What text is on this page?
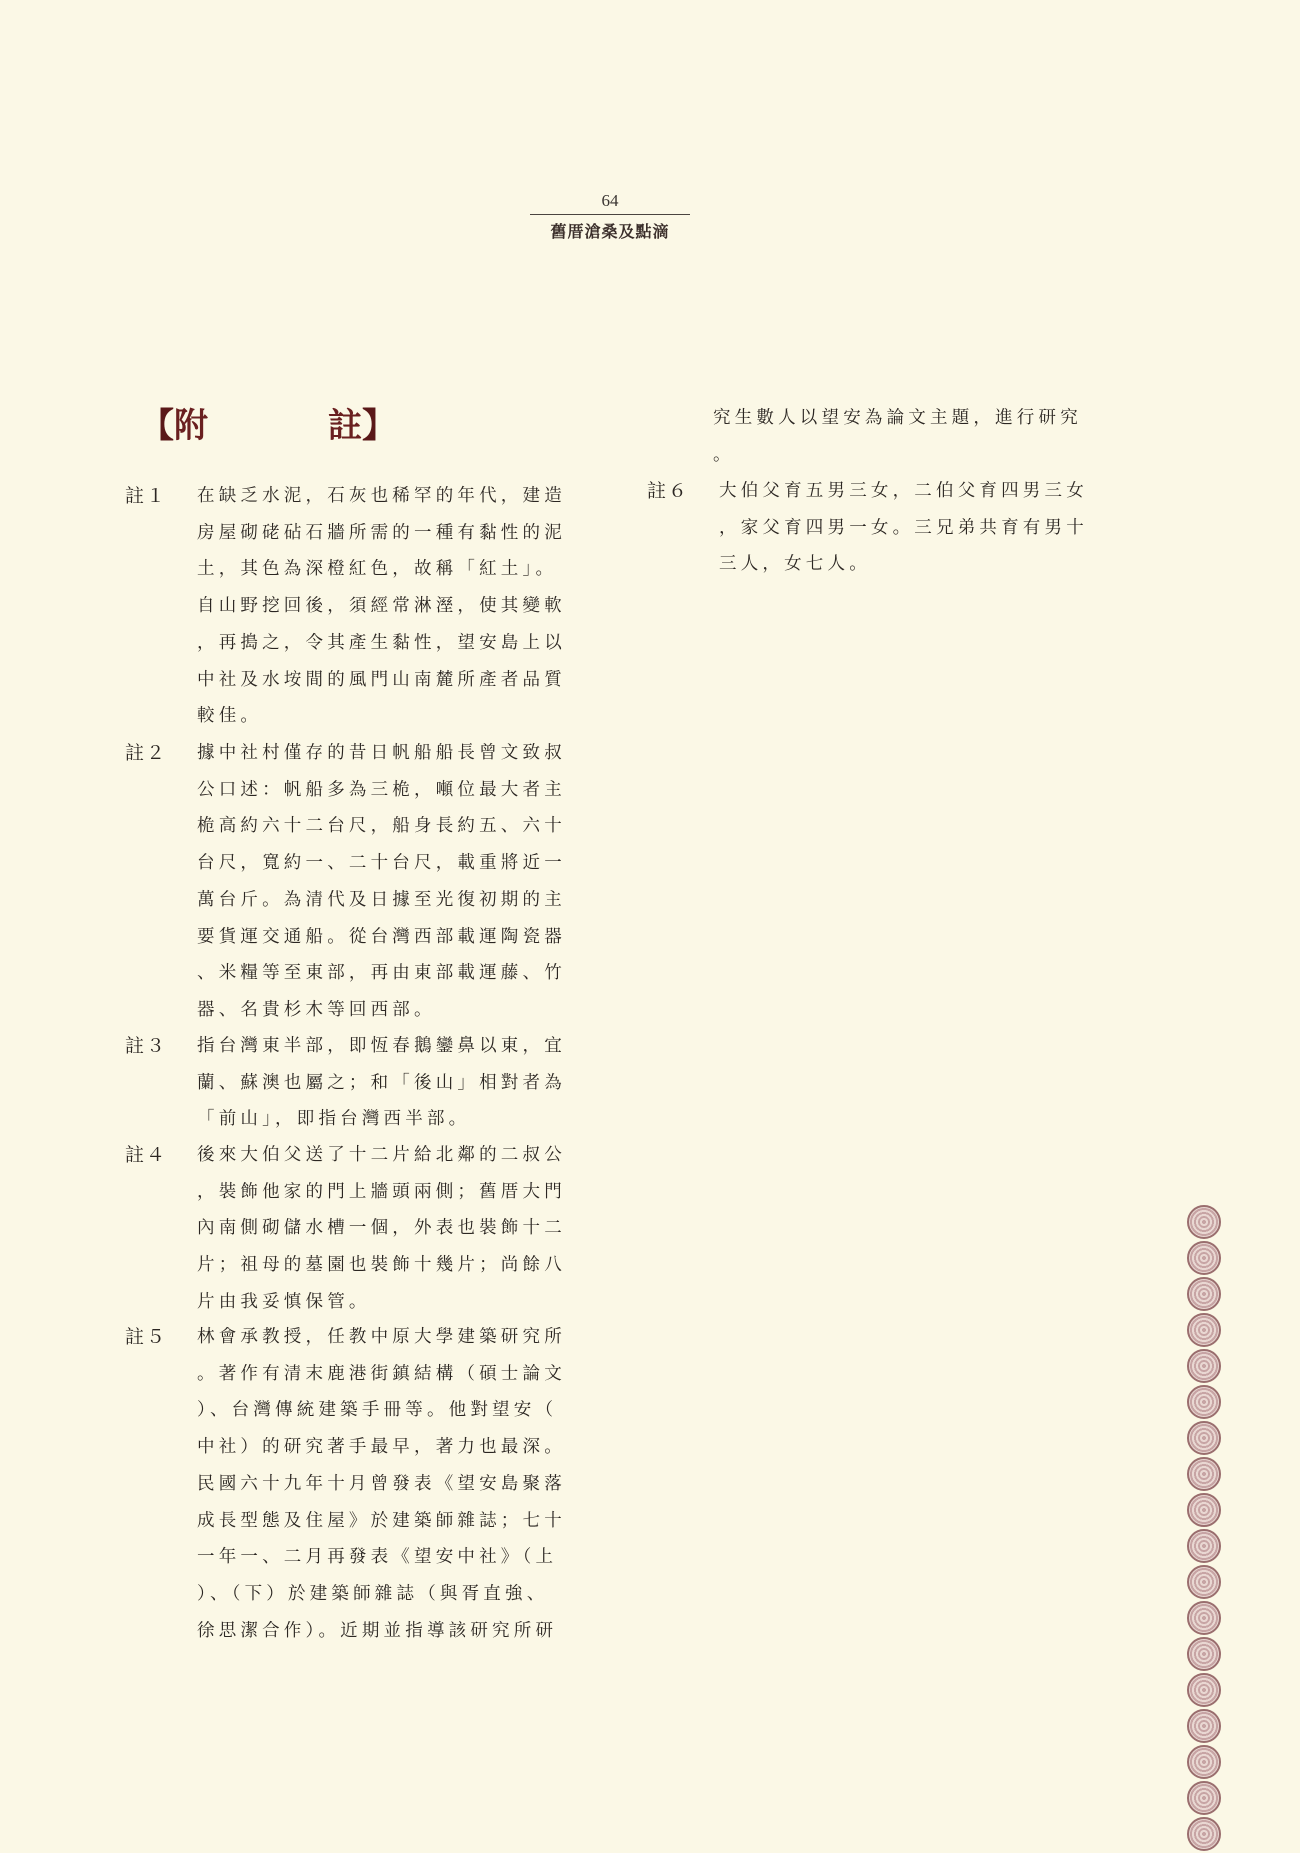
64
舊厝滄桑及點滴
【 附	註 】
註１	在缺乏水泥，石灰也稀罕的年代，建造
房屋砌硓砧石牆所需的一種有黏性的泥
土，其色為深橙紅色，故稱「紅土」。
自山野挖回後，須經常淋溼，使其變軟
，再搗之，令其產生黏性，望安島上以
中社及水垵間的風門山南麓所產者品質
較佳。
註２	據中社村僅存的昔日帆船船長曾文致叔
公口述：帆船多為三桅，噸位最大者主
桅高約六十二台尺，船身長約五、六十
台尺，寬約一、二十台尺，載重將近一
萬台斤。為清代及日據至光復初期的主
要貨運交通船。從台灣西部載運陶瓷器
、米糧等至東部，再由東部載運藤、竹
器、名貴杉木等回西部。
註３	指台灣東半部，即恆春鵝鑾鼻以東，宜
蘭、蘇澳也屬之；和「後山」相對者為
「前山」，即指台灣西半部。
註４	後來大伯父送了十二片給北鄰的二叔公
，裝飾他家的門上牆頭兩側；舊厝大門
內南側砌儲水槽一個，外表也裝飾十二
片；祖母的墓園也裝飾十幾片；尚餘八
片由我妥慎保管。
註５	林會承教授，任教中原大學建築研究所
。著作有清末鹿港街鎮結構（碩士論文
）、台灣傳統建築手冊等。他對望安（
中社）的研究著手最早，著力也最深。
民國六十九年十月曾發表《望安島聚落
成長型態及住屋》於建築師雜誌；七十
一年一、二月再發表《望安中社》（上
）、（下）於建築師雜誌（與胥直強、
徐思潔合作）。近期並指導該研究所研
究生數人以望安為論文主題，進行研究
。
註６	大伯父育五男三女，二伯父育四男三女
，家父育四男一女。三兄弟共育有男十
三人，女七人。
